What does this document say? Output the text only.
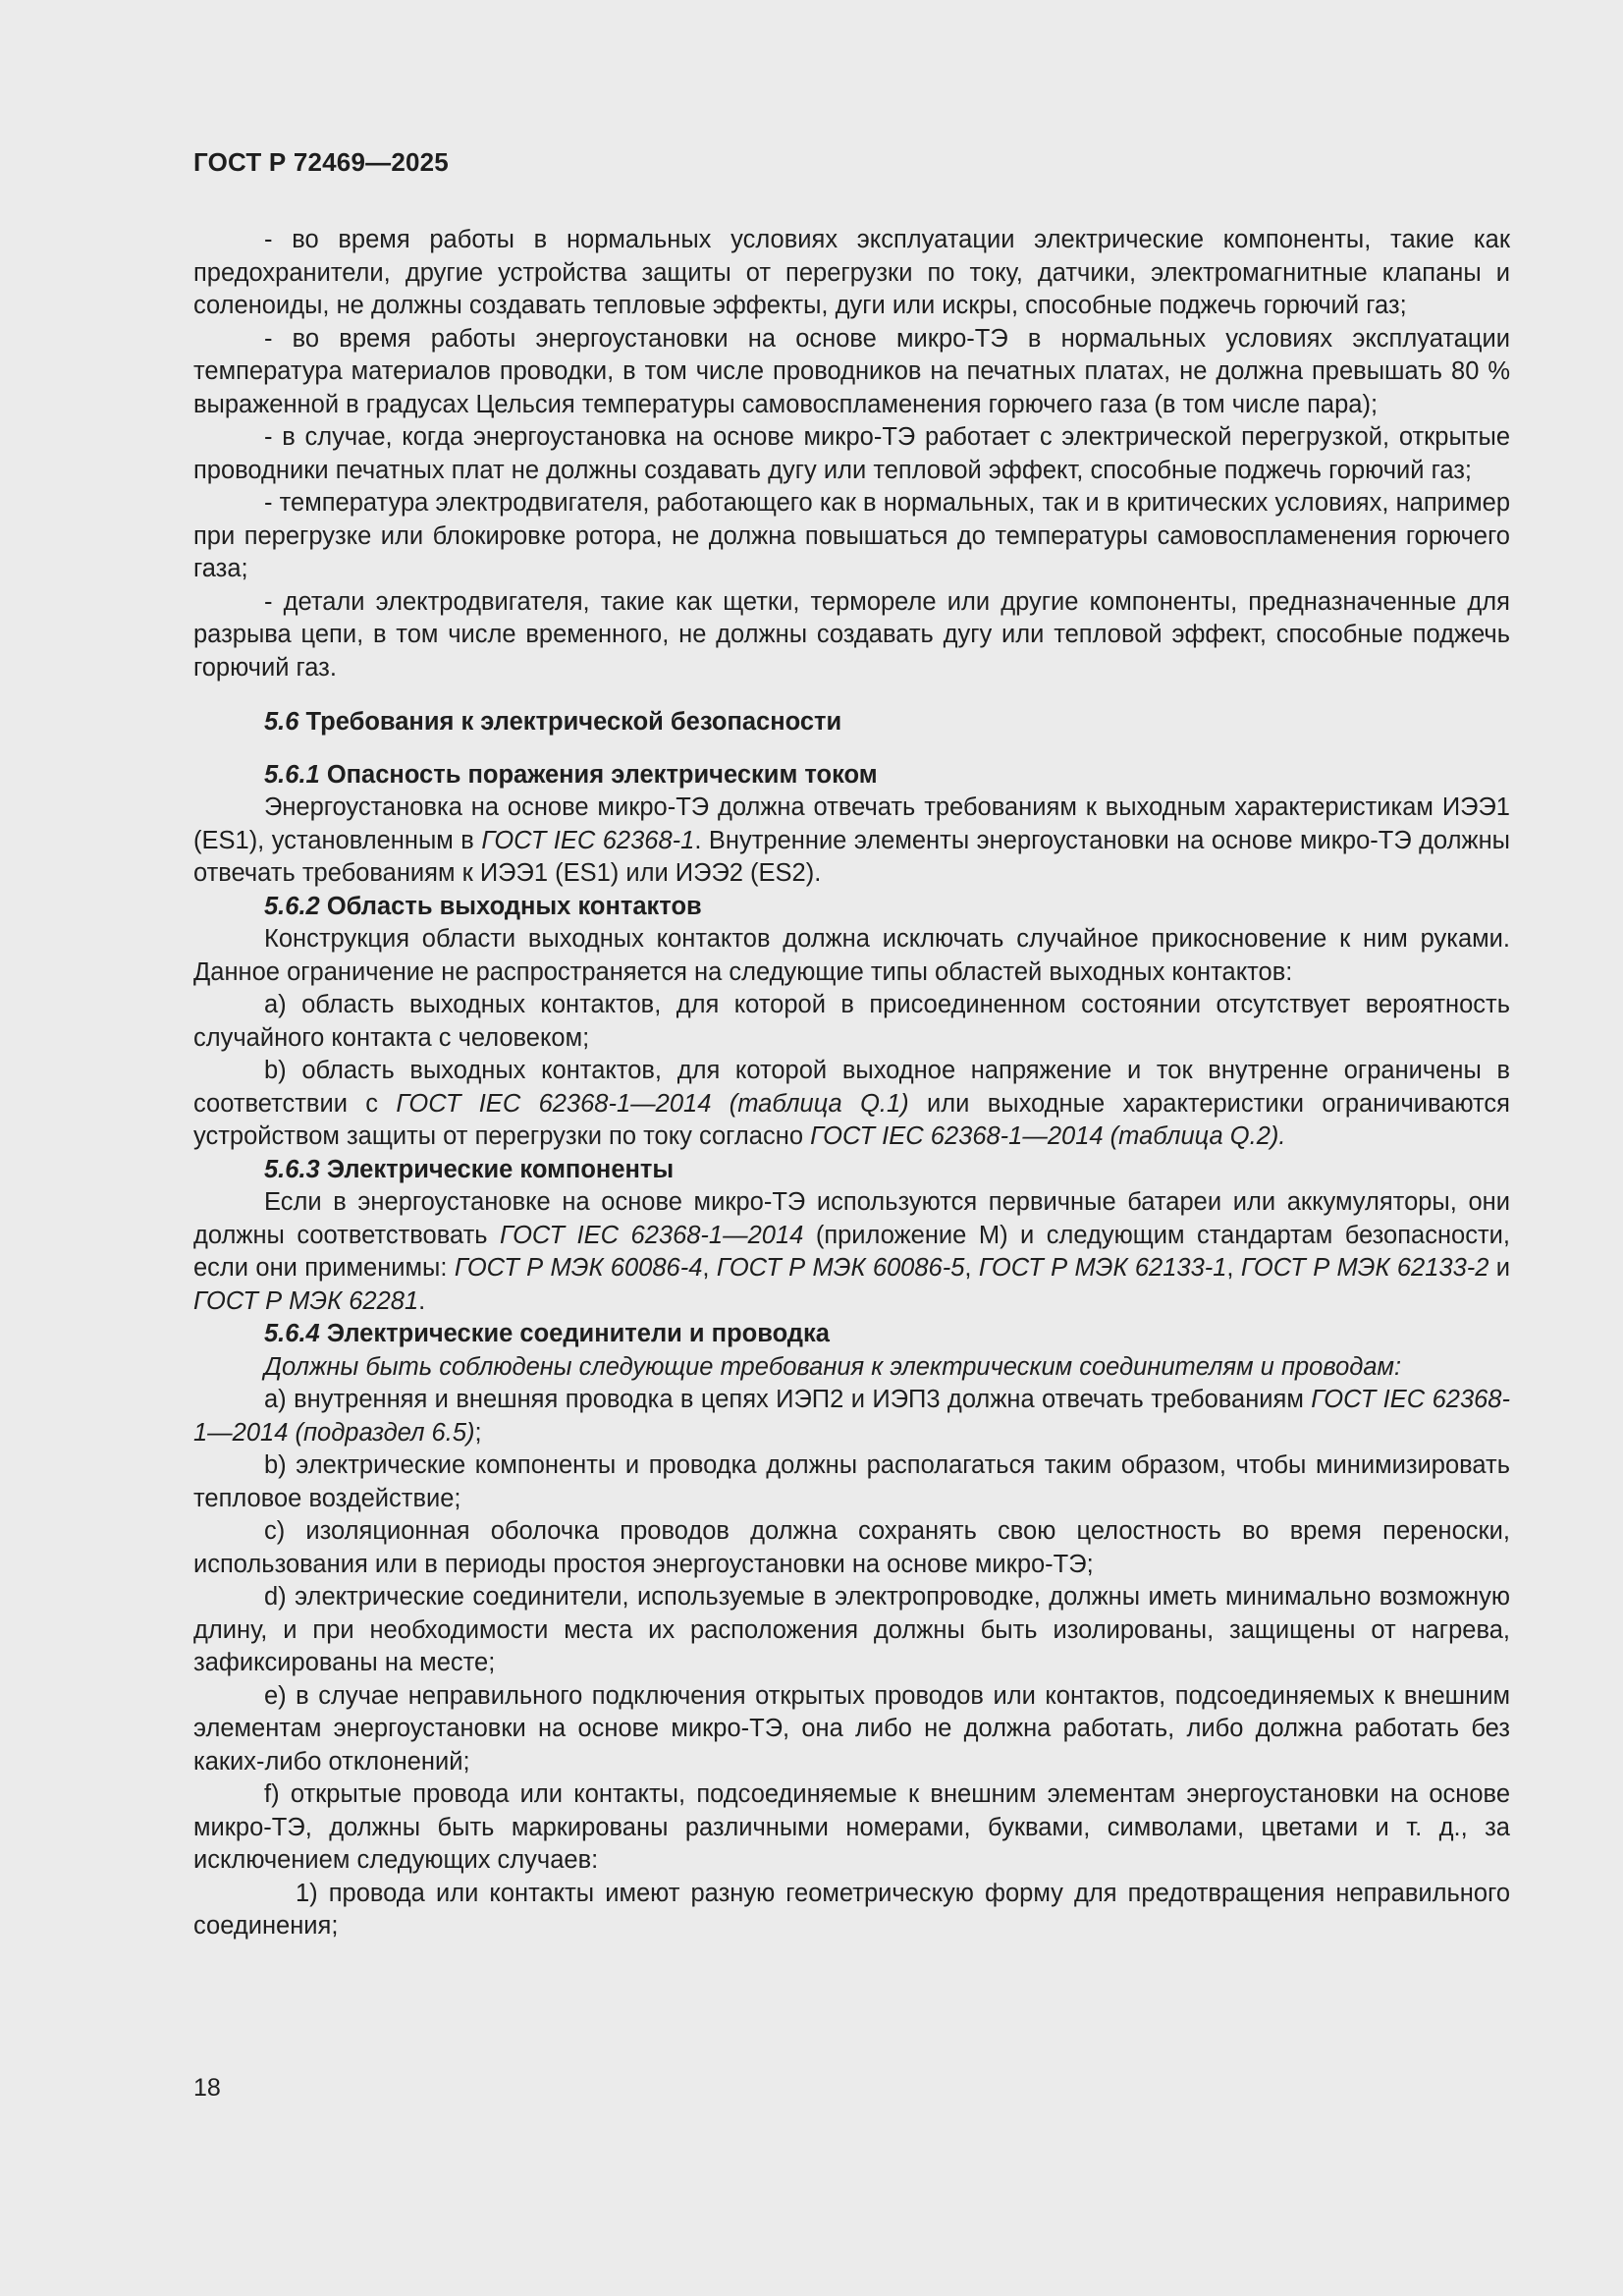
ГОСТ Р 72469—2025

- во время работы в нормальных условиях эксплуатации электрические компоненты, такие как предохранители, другие устройства защиты от перегрузки по току, датчики, электромагнитные клапаны и соленоиды, не должны создавать тепловые эффекты, дуги или искры, способные поджечь горючий газ;

- во время работы энергоустановки на основе микро-ТЭ в нормальных условиях эксплуатации температура материалов проводки, в том числе проводников на печатных платах, не должна превышать 80 % выраженной в градусах Цельсия температуры самовоспламенения горючего газа (в том числе пара);

- в случае, когда энергоустановка на основе микро-ТЭ работает с электрической перегрузкой, открытые проводники печатных плат не должны создавать дугу или тепловой эффект, способные поджечь горючий газ;

- температура электродвигателя, работающего как в нормальных, так и в критических условиях, например при перегрузке или блокировке ротора, не должна повышаться до температуры самовоспламенения горючего газа;

- детали электродвигателя, такие как щетки, термореле или другие компоненты, предназначенные для разрыва цепи, в том числе временного, не должны создавать дугу или тепловой эффект, способные поджечь горючий газ.

5.6 Требования к электрической безопасности

5.6.1 Опасность поражения электрическим током

Энергоустановка на основе микро-ТЭ должна отвечать требованиям к выходным характеристикам ИЭЭ1 (ES1), установленным в ГОСТ IEC 62368-1. Внутренние элементы энергоустановки на основе микро-ТЭ должны отвечать требованиям к ИЭЭ1 (ES1) или ИЭЭ2 (ES2).

5.6.2 Область выходных контактов

Конструкция области выходных контактов должна исключать случайное прикосновение к ним руками. Данное ограничение не распространяется на следующие типы областей выходных контактов:

а) область выходных контактов, для которой в присоединенном состоянии отсутствует вероятность случайного контакта с человеком;

b) область выходных контактов, для которой выходное напряжение и ток внутренне ограничены в соответствии с ГОСТ IEC 62368-1—2014 (таблица Q.1) или выходные характеристики ограничиваются устройством защиты от перегрузки по току согласно ГОСТ IEC 62368-1—2014 (таблица Q.2).

5.6.3 Электрические компоненты

Если в энергоустановке на основе микро-ТЭ используются первичные батареи или аккумуляторы, они должны соответствовать ГОСТ IEC 62368-1—2014 (приложение М) и следующим стандартам безопасности, если они применимы: ГОСТ Р МЭК 60086-4, ГОСТ Р МЭК 60086-5, ГОСТ Р МЭК 62133-1, ГОСТ Р МЭК 62133-2 и ГОСТ Р МЭК 62281.

5.6.4 Электрические соединители и проводка

Должны быть соблюдены следующие требования к электрическим соединителям и проводам:

а) внутренняя и внешняя проводка в цепях ИЭП2 и ИЭП3 должна отвечать требованиям ГОСТ IEC 62368-1—2014 (подраздел 6.5);

b) электрические компоненты и проводка должны располагаться таким образом, чтобы минимизировать тепловое воздействие;

с) изоляционная оболочка проводов должна сохранять свою целостность во время переноски, использования или в периоды простоя энергоустановки на основе микро-ТЭ;

d) электрические соединители, используемые в электропроводке, должны иметь минимально возможную длину, и при необходимости места их расположения должны быть изолированы, защищены от нагрева, зафиксированы на месте;

е) в случае неправильного подключения открытых проводов или контактов, подсоединяемых к внешним элементам энергоустановки на основе микро-ТЭ, она либо не должна работать, либо должна работать без каких-либо отклонений;

f) открытые провода или контакты, подсоединяемые к внешним элементам энергоустановки на основе микро-ТЭ, должны быть маркированы различными номерами, буквами, символами, цветами и т. д., за исключением следующих случаев:

1) провода или контакты имеют разную геометрическую форму для предотвращения неправильного соединения;

18
